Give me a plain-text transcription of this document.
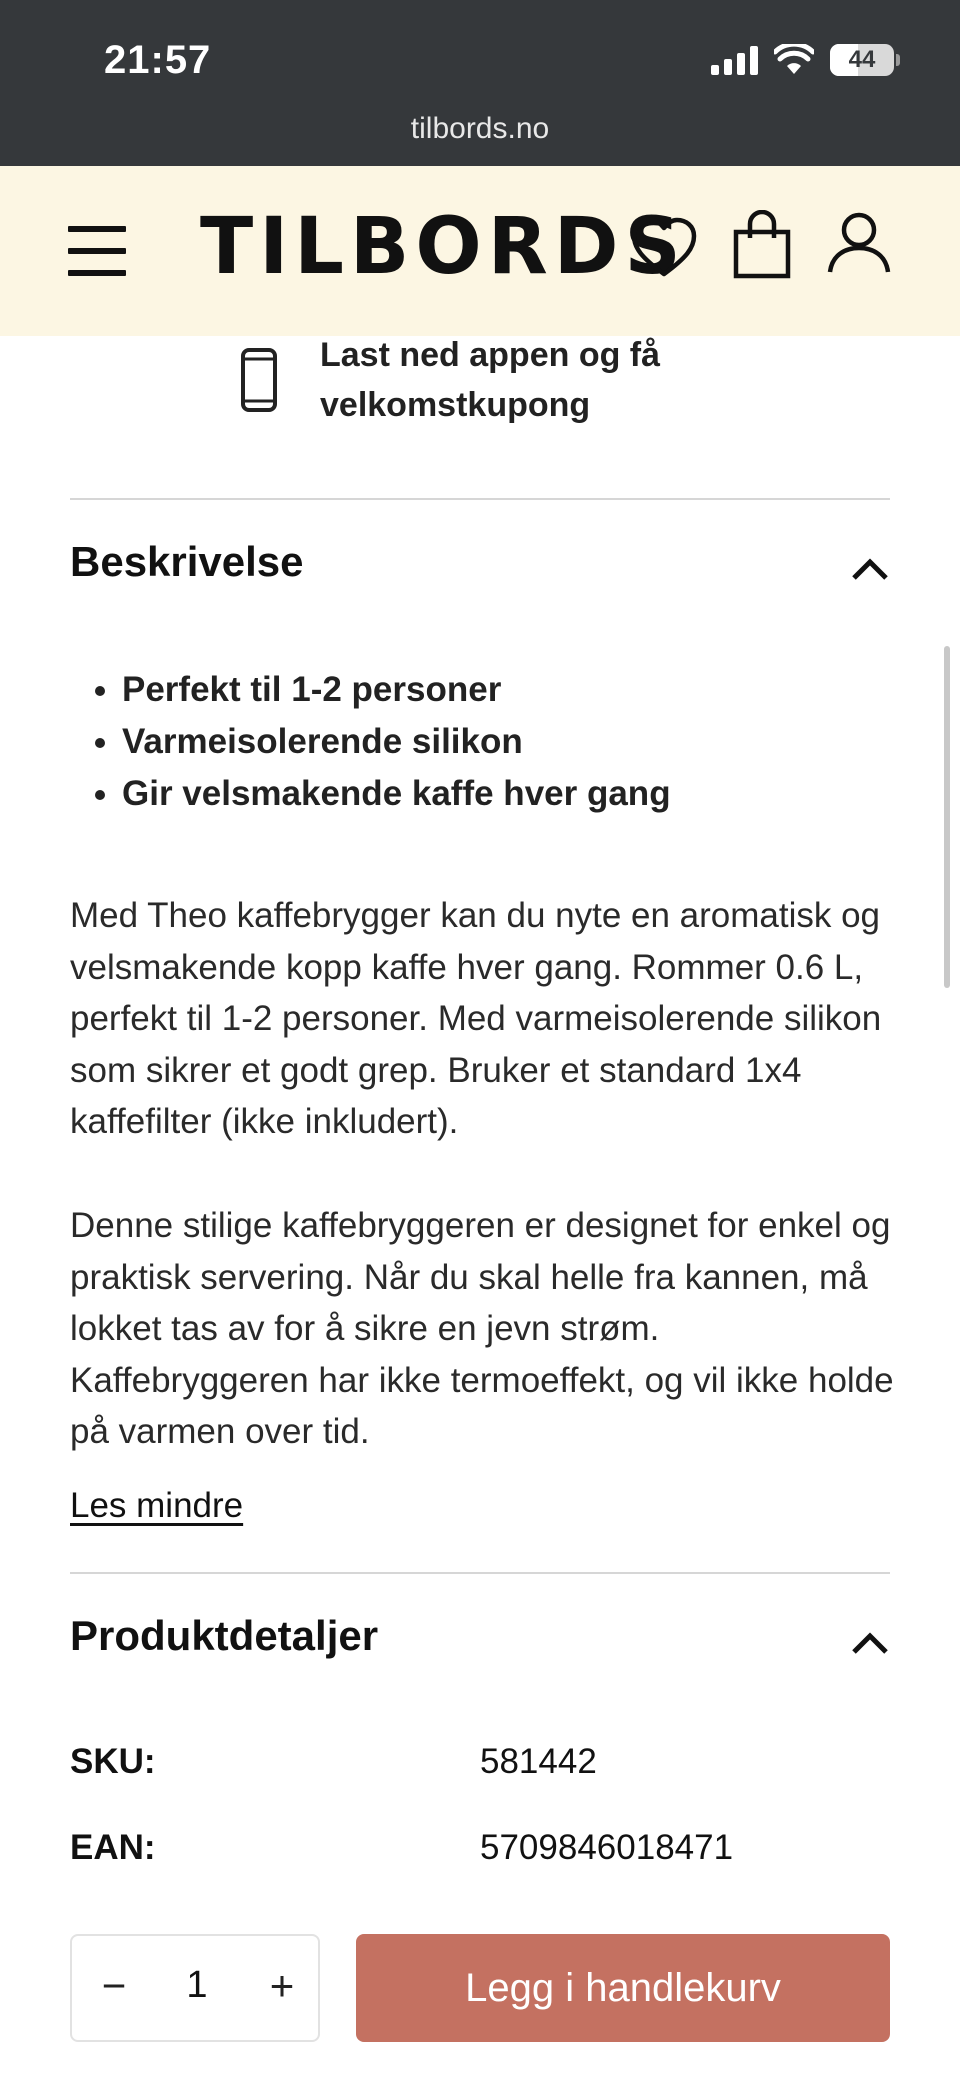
21:57	44
tilbords.no
TILBORDS
Last ned appen og få velkomstkupong
Beskrivelse
• Perfekt til 1-2 personer
• Varmeisolerende silikon
• Gir velsmakende kaffe hver gang

Med Theo kaffebrygger kan du nyte en aromatisk og velsmakende kopp kaffe hver gang. Rommer 0.6 L, perfekt til 1-2 personer. Med varmeisolerende silikon som sikrer et godt grep. Bruker et standard 1x4 kaffefilter (ikke inkludert).

Denne stilige kaffebryggeren er designet for enkel og praktisk servering. Når du skal helle fra kannen, må lokket tas av for å sikre en jevn strøm. Kaffebryggeren har ikke termoeffekt, og vil ikke holde på varmen over tid.

Les mindre
Produktdetaljer
SKU:	581442
EAN:	5709846018471
−	1	+	Legg i handlekurv
